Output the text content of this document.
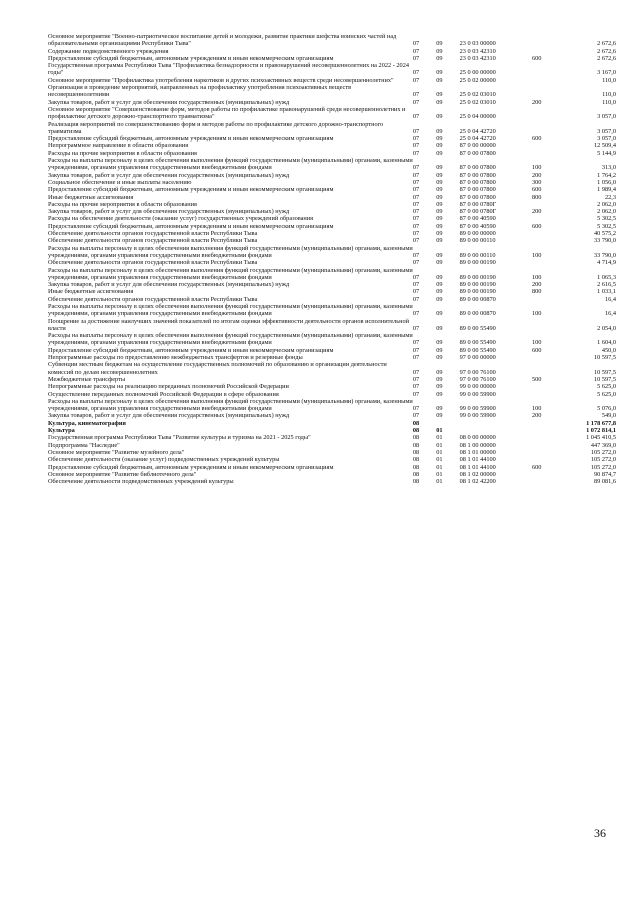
Основное мероприятие "Военно-патриотическое воспитание детей и молодежи, развитие практики шефства воинских частей над образовательными организациями Республики Тыва"	07	09	23 0 03 00000		2 672,6
Содержание подведомственного учреждения	07	09	23 0 03 42310		2 672,6
Предоставление субсидий бюджетным, автономным учреждениям и иным некоммерческим организациям	07	09	23 0 03 42310	600	2 672,6
Государственная программа Республики Тыва "Профилактика безнадзорности и правонарушений несовершеннолетних на 2022 - 2024 годы"	07	09	25 0 00 00000		3 167,0
Основное мероприятие "Профилактика употребления наркотиков и других психоактивных веществ среди несовершеннолетних"	07	09	25 0 02 00000		110,0
Организация и проведение мероприятий, направленных на профилактику употребления психоактивных веществ несовершеннолетними	07	09	25 0 02 03010		110,0
Закупка товаров, работ и услуг для обеспечения государственных (муниципальных) нужд	07	09	25 0 02 03010	200	110,0
Основное мероприятие "Совершенствование форм, методов работы по профилактике правонарушений среди несовершеннолетних и профилактике детского дорожно-транспортного травматизма"	07	09	25 0 04 00000		3 057,0
Реализация мероприятий по совершенствованию форм и методов работы по профилактике детского дорожно-транспортного травматизма	07	09	25 0 04 42720		3 057,0
Предоставление субсидий бюджетным, автономным учреждениям и иным некоммерческим организациям	07	09	25 0 04 42720	600	3 057,0
Непрограммное направление в области образования	07	09	87 0 00 00000		12 509,4
Расходы на прочие мероприятия в области образования	07	09	87 0 00 07800		5 144,9
Расходы на выплаты персоналу в целях обеспечения выполнения функций государственными (муниципальными) органами, казенными учреждениями, органами управления государственными внебюджетными фондами	07	09	87 0 00 07800	100	313,0
Закупка товаров, работ и услуг для обеспечения государственных (муниципальных) нужд	07	09	87 0 00 07800	200	1 764,2
Социальное обеспечение и иные выплаты населению	07	09	87 0 00 07800	300	1 056,0
Предоставление субсидий бюджетным, автономным учреждениям и иным некоммерческим организациям	07	09	87 0 00 07800	600	1 989,4
Иные бюджетные ассигнования	07	09	87 0 00 07800	800	22,3
Расходы на прочие мероприятия в области образования	07	09	87 0 00 0780Г		2 062,0
Закупка товаров, работ и услуг для обеспечения государственных (муниципальных) нужд	07	09	87 0 00 0780Г	200	2 062,0
Расходы на обеспечение деятельности (оказание услуг) государственных учреждений образования	07	09	87 0 00 40590		5 302,5
Предоставление субсидий бюджетным, автономным учреждениям и иным некоммерческим организациям	07	09	87 0 00 40590	600	5 302,5
Обеспечение деятельности органов государственной власти Республики Тыва	07	09	89 0 00 00000		40 575,2
Обеспечение деятельности органов государственной власти Республики Тыва	07	09	89 0 00 00110		33 790,0
Расходы на выплаты персоналу в целях обеспечения выполнения функций государственными (муниципальными) органами, казенными учреждениями, органами управления государственными внебюджетными фондами	07	09	89 0 00 00110	100	33 790,0
Обеспечение деятельности органов государственной власти Республики Тыва	07	09	89 0 00 00190		4 714,9
Расходы на выплаты персоналу в целях обеспечения выполнения функций государственными (муниципальными) органами, казенными учреждениями, органами управления государственными внебюджетными фондами	07	09	89 0 00 00190	100	1 065,3
Закупка товаров, работ и услуг для обеспечения государственных (муниципальных) нужд	07	09	89 0 00 00190	200	2 616,5
Иные бюджетные ассигнования	07	09	89 0 00 00190	800	1 033,1
Обеспечение деятельности органов государственной власти Республики Тыва	07	09	89 0 00 00870		16,4
Расходы на выплаты персоналу в целях обеспечения выполнения функций государственными (муниципальными) органами, казенными учреждениями, органами управления государственными внебюджетными фондами	07	09	89 0 00 00870	100	16,4
Поощрение за достижение наилучших значений показателей по итогам оценки эффективности деятельности органов исполнительной власти	07	09	89 0 00 55490		2 054,0
Расходы на выплаты персоналу в целях обеспечения выполнения функций государственными (муниципальными) органами, казенными учреждениями, органами управления государственными внебюджетными фондами	07	09	89 0 00 55490	100	1 604,0
Предоставление субсидий бюджетным, автономным учреждениям и иным некоммерческим организациям	07	09	89 0 00 55490	600	450,0
Непрограммные расходы по предоставлению межбюджетных трансфертов и резервные фонды	07	09	97 0 00 00000		10 597,5
Субвенции местным бюджетам на осуществление государственных полномочий по образованию и организации деятельности комиссий по делам несовершеннолетних	07	09	97 0 00 76100		10 597,5
Межбюджетные трансферты	07	09	97 0 00 76100	500	10 597,5
Непрограммные расходы на реализацию переданных полномочий Российской Федерации	07	09	99 0 00 00000		5 625,0
Осуществление переданных полномочий Российской Федерации в сфере образования	07	09	99 0 00 59900		5 625,0
Расходы на выплаты персоналу в целях обеспечения выполнения функций государственными (муниципальными) органами, казенными учреждениями, органами управления государственными внебюджетными фондами	07	09	99 0 00 59900	100	5 076,0
Закупка товаров, работ и услуг для обеспечения государственных (муниципальных) нужд	07	09	99 0 00 59900	200	549,0
Культура, кинематография	08				1 178 677,8
Культура	08	01			1 072 814,1
Государственная программа Республики Тыва "Развитие культуры и туризма на 2021 - 2025 годы"	08	01	08 0 00 00000		1 045 410,5
Подпрограмма "Наследие"	08	01	08 1 00 00000		447 369,0
Основное мероприятие "Развитие музейного дела"	08	01	08 1 01 00000		105 272,0
Обеспечение деятельности (оказание услуг) подведомственных учреждений культуры	08	01	08 1 01 44100		105 272,0
Предоставление субсидий бюджетным, автономным учреждениям и иным некоммерческим организациям	08	01	08 1 01 44100	600	105 272,0
Основное мероприятие "Развитие библиотечного дела"	08	01	08 1 02 00000		90 874,7
Обеспечение деятельности подведомственных учреждений культуры	08	01	08 1 02 42200		89 081,6
36
